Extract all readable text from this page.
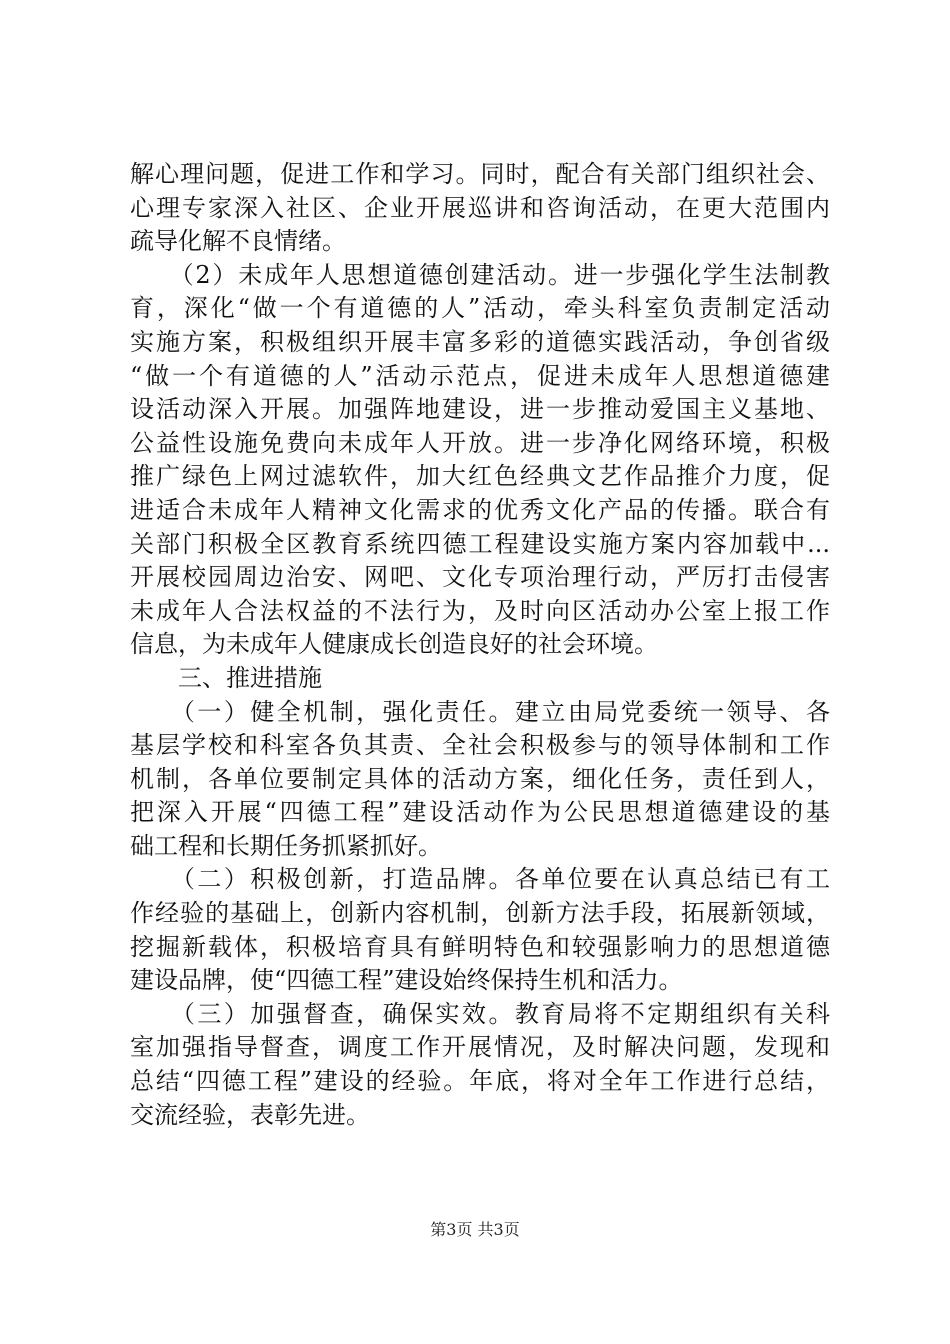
解心理问题，促进工作和学习。同时，配合有关部门组织社会、
心理专家深入社区、企业开展巡讲和咨询活动，在更大范围内
疏导化解不良情绪。
　　（2）未成年人思想道德创建活动。进一步强化学生法制教
育，深化“做一个有道德的人”活动，牵头科室负责制定活动
实施方案，积极组织开展丰富多彩的道德实践活动，争创省级
“做一个有道德的人”活动示范点，促进未成年人思想道德建
设活动深入开展。加强阵地建设，进一步推动爱国主义基地、
公益性设施免费向未成年人开放。进一步净化网络环境，积极
推广绿色上网过滤软件，加大红色经典文艺作品推介力度，促
进适合未成年人精神文化需求的优秀文化产品的传播。联合有
关部门积极全区教育系统四德工程建设实施方案内容加载中...
开展校园周边治安、网吧、文化专项治理行动，严厉打击侵害
未成年人合法权益的不法行为，及时向区活动办公室上报工作
信息，为未成年人健康成长创造良好的社会环境。
　　三、推进措施
　　（一）健全机制，强化责任。建立由局党委统一领导、各
基层学校和科室各负其责、全社会积极参与的领导体制和工作
机制，各单位要制定具体的活动方案，细化任务，责任到人，
把深入开展“四德工程”建设活动作为公民思想道德建设的基
础工程和长期任务抓紧抓好。
　　（二）积极创新，打造品牌。各单位要在认真总结已有工
作经验的基础上，创新内容机制，创新方法手段，拓展新领域，
挖掘新载体，积极培育具有鲜明特色和较强影响力的思想道德
建设品牌，使“四德工程”建设始终保持生机和活力。
　　（三）加强督查，确保实效。教育局将不定期组织有关科
室加强指导督查，调度工作开展情况，及时解决问题，发现和
总结“四德工程”建设的经验。年底，将对全年工作进行总结，
交流经验，表彰先进。
第3页 共3页
